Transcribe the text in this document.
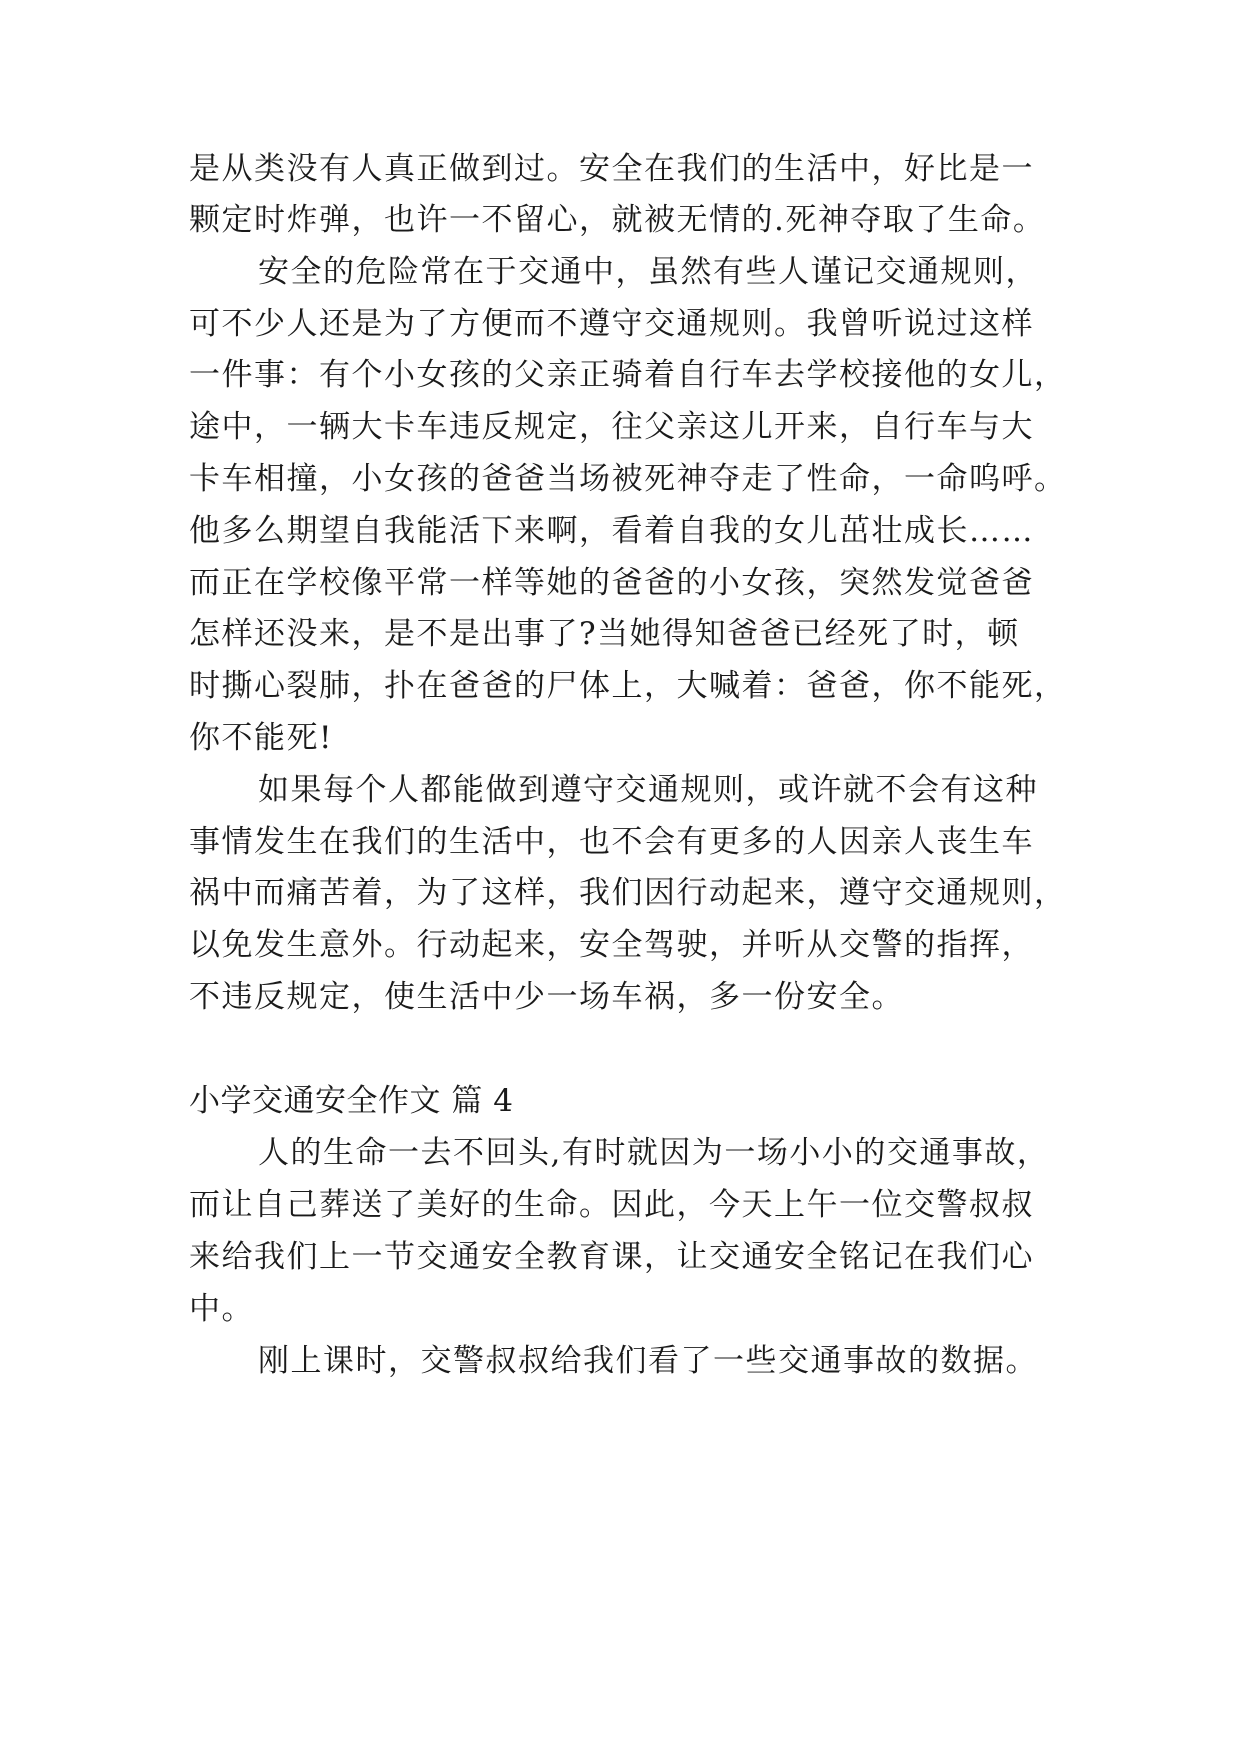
是从类没有人真正做到过。安全在我们的生活中，好比是一
颗定时炸弹，也许一不留心，就被无情的.死神夺取了生命。
安全的危险常在于交通中，虽然有些人谨记交通规则，
可不少人还是为了方便而不遵守交通规则。我曾听说过这样
一件事：有个小女孩的父亲正骑着自行车去学校接他的女儿，
途中，一辆大卡车违反规定，往父亲这儿开来，自行车与大
卡车相撞，小女孩的爸爸当场被死神夺走了性命，一命呜呼。
他多么期望自我能活下来啊，看着自我的女儿茁壮成长……
而正在学校像平常一样等她的爸爸的小女孩，突然发觉爸爸
怎样还没来，是不是出事了?当她得知爸爸已经死了时，顿
时撕心裂肺，扑在爸爸的尸体上，大喊着：爸爸，你不能死，
你不能死!
如果每个人都能做到遵守交通规则，或许就不会有这种
事情发生在我们的生活中，也不会有更多的人因亲人丧生车
祸中而痛苦着，为了这样，我们因行动起来，遵守交通规则，
以免发生意外。行动起来，安全驾驶，并听从交警的指挥，
不违反规定，使生活中少一场车祸，多一份安全。
小学交通安全作文 篇 4
人的生命一去不回头,有时就因为一场小小的交通事故，
而让自己葬送了美好的生命。因此，今天上午一位交警叔叔
来给我们上一节交通安全教育课，让交通安全铭记在我们心
中。
刚上课时，交警叔叔给我们看了一些交通事故的数据。
